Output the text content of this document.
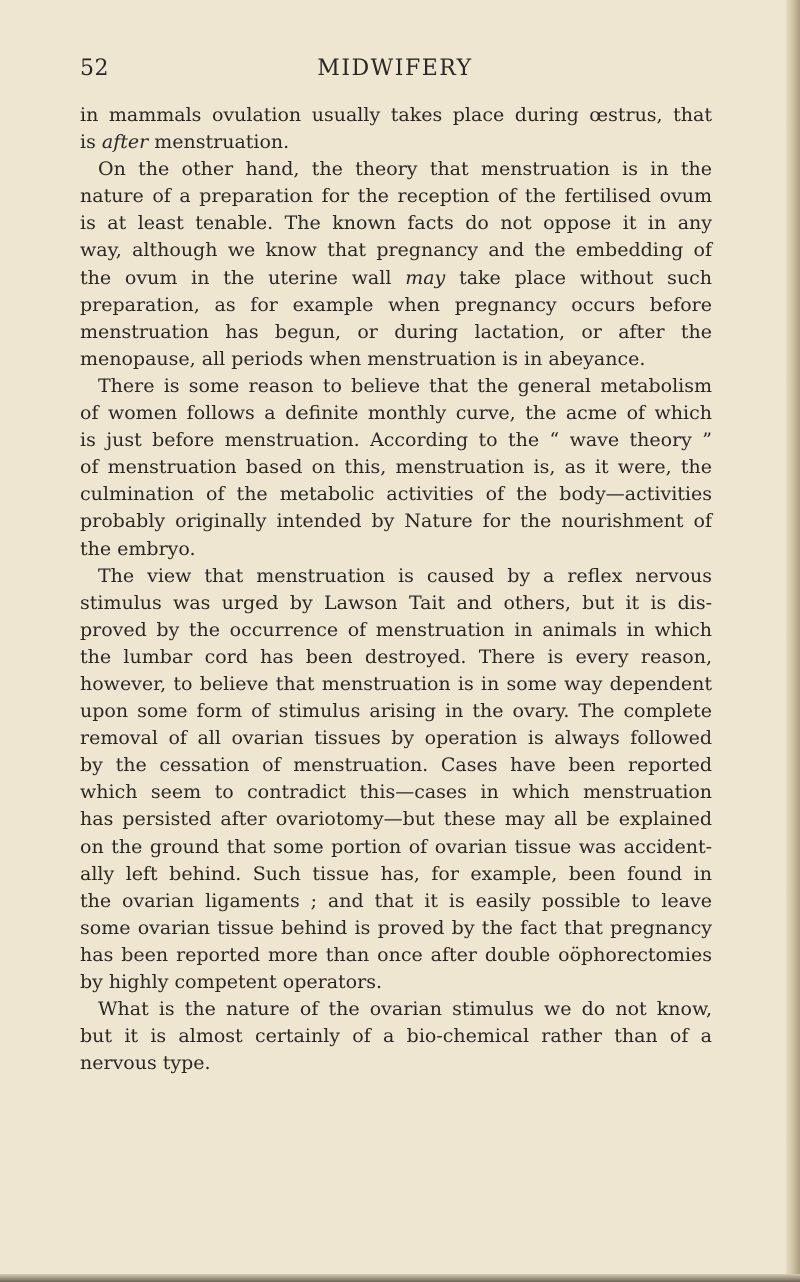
52	MIDWIFERY
in mammals ovulation usually takes place during œstrus, that
is after menstruation.
On the other hand, the theory that menstruation is in the
nature of a preparation for the reception of the fertilised ovum
is at least tenable. The known facts do not oppose it in any
way, although we know that pregnancy and the embedding of
the ovum in the uterine wall may take place without such
preparation, as for example when pregnancy occurs before
menstruation has begun, or during lactation, or after the
menopause, all periods when menstruation is in abeyance.
There is some reason to believe that the general metabolism
of women follows a definite monthly curve, the acme of which
is just before menstruation. According to the “ wave theory ”
of menstruation based on this, menstruation is, as it were, the
culmination of the metabolic activities of the body—activities
probably originally intended by Nature for the nourishment of
the embryo.
The view that menstruation is caused by a reflex nervous
stimulus was urged by Lawson Tait and others, but it is dis-
proved by the occurrence of menstruation in animals in which
the lumbar cord has been destroyed. There is every reason,
however, to believe that menstruation is in some way dependent
upon some form of stimulus arising in the ovary. The complete
removal of all ovarian tissues by operation is always followed
by the cessation of menstruation. Cases have been reported
which seem to contradict this—cases in which menstruation
has persisted after ovariotomy—but these may all be explained
on the ground that some portion of ovarian tissue was accident-
ally left behind. Such tissue has, for example, been found in
the ovarian ligaments ; and that it is easily possible to leave
some ovarian tissue behind is proved by the fact that pregnancy
has been reported more than once after double oöphorectomies
by highly competent operators.
What is the nature of the ovarian stimulus we do not know,
but it is almost certainly of a bio-chemical rather than of a
nervous type.
